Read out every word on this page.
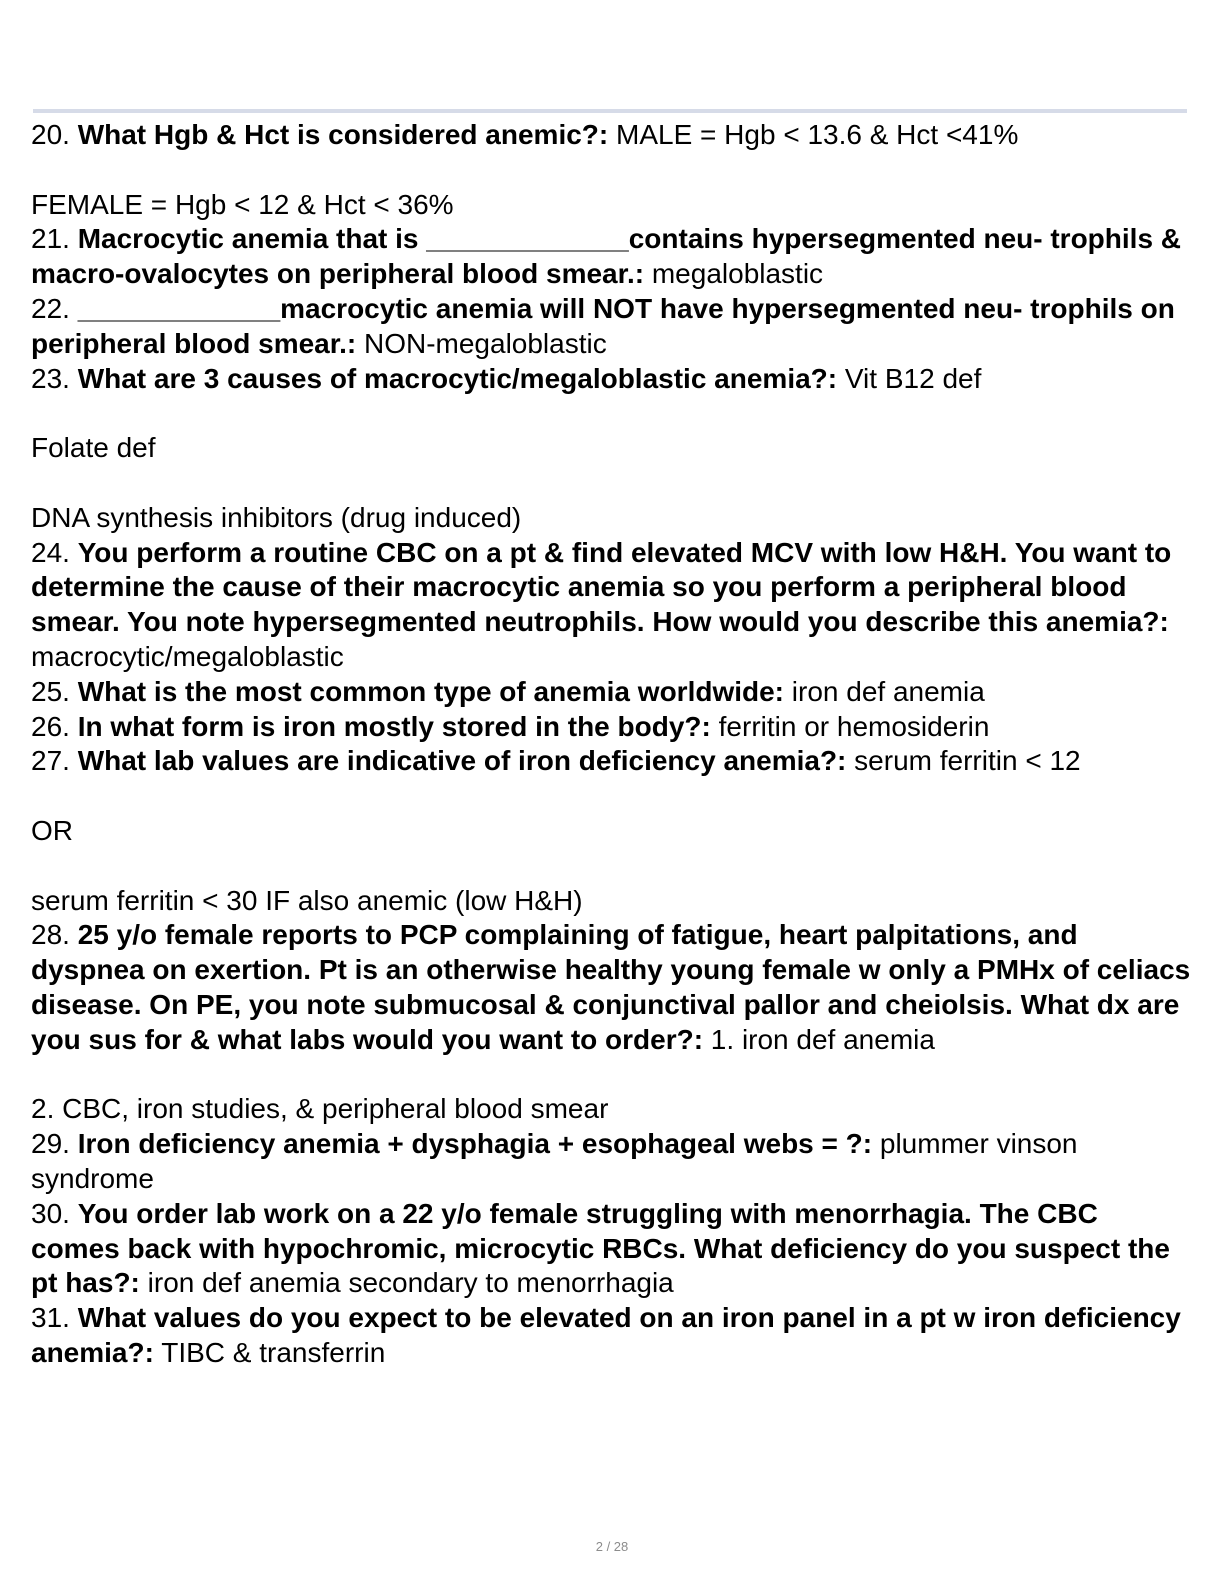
20. What Hgb & Hct is considered anemic?: MALE = Hgb < 13.6 & Hct <41%

FEMALE = Hgb < 12 & Hct < 36%

21. Macrocytic anemia that is _____________contains hypersegmented neu- trophils & macro-ovalocytes on peripheral blood smear.: megaloblastic

22. _____________macrocytic anemia will NOT have hypersegmented neu- trophils on peripheral blood smear.: NON-megaloblastic

23. What are 3 causes of macrocytic/megaloblastic anemia?: Vit B12 def

Folate def

DNA synthesis inhibitors (drug induced)

24. You perform a routine CBC on a pt & find elevated MCV with low H&H. You want to determine the cause of their macrocytic anemia so you perform a peripheral blood smear. You note hypersegmented neutrophils. How would you describe this anemia?: macrocytic/megaloblastic

25. What is the most common type of anemia worldwide: iron def anemia

26. In what form is iron mostly stored in the body?: ferritin or hemosiderin

27. What lab values are indicative of iron deficiency anemia?: serum ferritin < 12

OR

serum ferritin < 30 IF also anemic (low H&H)

28. 25 y/o female reports to PCP complaining of fatigue, heart palpitations, and dyspnea on exertion. Pt is an otherwise healthy young female w only a PMHx of celiacs disease. On PE, you note submucosal & conjunctival pallor and cheiolsis. What dx are you sus for & what labs would you want to order?: 1. iron def anemia

2. CBC, iron studies, & peripheral blood smear

29. Iron deficiency anemia + dysphagia + esophageal webs = ?: plummer vinson syndrome

30. You order lab work on a 22 y/o female struggling with menorrhagia. The CBC comes back with hypochromic, microcytic RBCs. What deficiency do you suspect the pt has?: iron def anemia secondary to menorrhagia

31. What values do you expect to be elevated on an iron panel in a pt w iron deficiency anemia?: TIBC & transferrin

2 / 28
